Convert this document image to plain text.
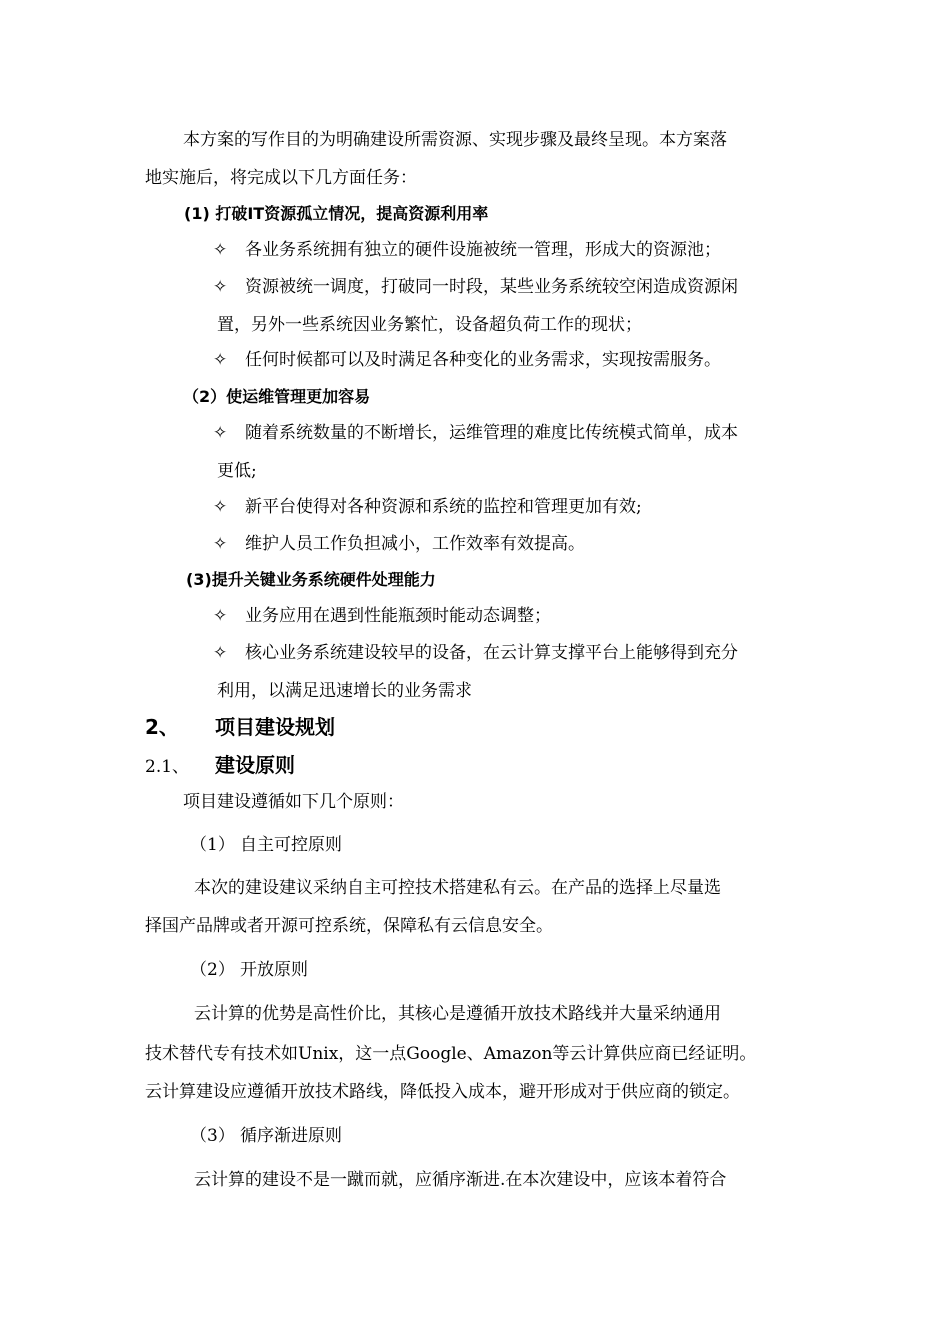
本方案的写作目的为明确建设所需资源、实现步骤及最终呈现。本方案落
地实施后，将完成以下几方面任务：
(1) 打破IT资源孤立情况，提高资源利用率
✧ 各业务系统拥有独立的硬件设施被统一管理，形成大的资源池；
✧ 资源被统一调度，打破同一时段，某些业务系统较空闲造成资源闲
置，另外一些系统因业务繁忙，设备超负荷工作的现状；
✧ 任何时候都可以及时满足各种变化的业务需求，实现按需服务。
（2）使运维管理更加容易
✧ 随着系统数量的不断增长，运维管理的难度比传统模式简单，成本
更低;
✧ 新平台使得对各种资源和系统的监控和管理更加有效;
✧ 维护人员工作负担减小，工作效率有效提高。
(3)提升关键业务系统硬件处理能力
✧ 业务应用在遇到性能瓶颈时能动态调整；
✧ 核心业务系统建设较早的设备，在云计算支撑平台上能够得到充分
利用，以满足迅速增长的业务需求
2、 项目建设规划
2.1、 建设原则
项目建设遵循如下几个原则：
（1） 自主可控原则
本次的建设建议采纳自主可控技术搭建私有云。在产品的选择上尽量选
择国产品牌或者开源可控系统，保障私有云信息安全。
（2） 开放原则
云计算的优势是高性价比，其核心是遵循开放技术路线并大量采纳通用
技术替代专有技术如Unix，这一点Google、Amazon等云计算供应商已经证明。
云计算建设应遵循开放技术路线，降低投入成本，避开形成对于供应商的锁定。
（3） 循序渐进原则
云计算的建设不是一蹴而就，应循序渐进.在本次建设中，应该本着符合
